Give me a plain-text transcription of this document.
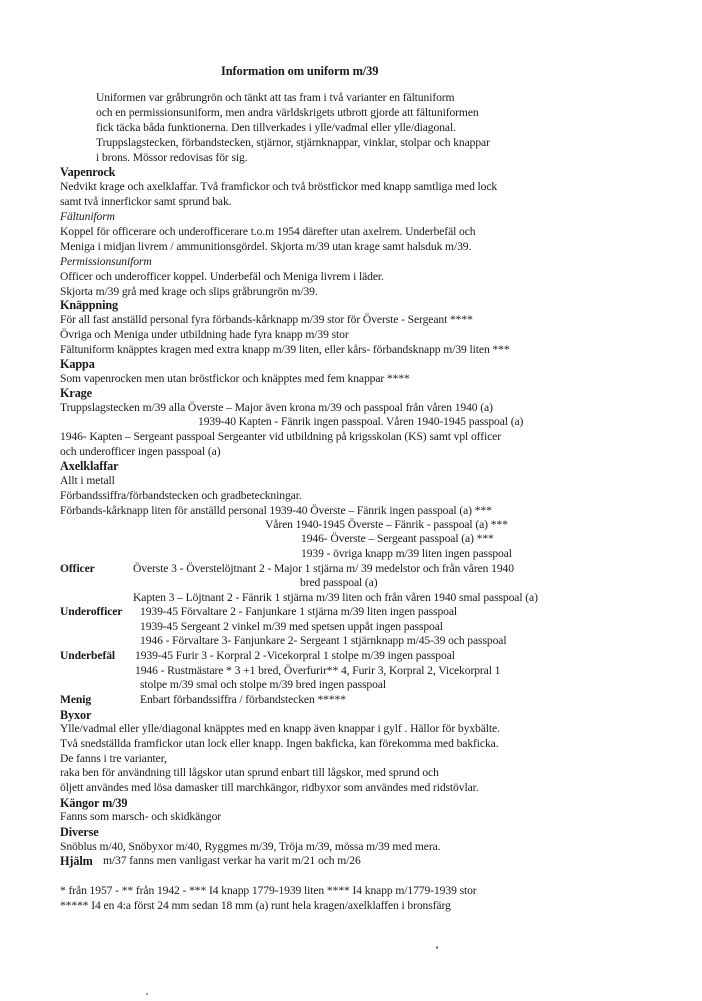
Information om uniform m/39
Uniformen var gråbrungrön och tänkt att tas fram i två varianter en fältuniform
och en permissionsuniform, men andra världskrigets utbrott gjorde att fältuniformen
fick täcka båda funktionerna. Den tillverkades i ylle/vadmal eller ylle/diagonal.
Truppslagstecken, förbandstecken, stjärnor, stjärnknappar, vinklar, stolpar och knappar
i brons. Mössor redovisas för sig.
Vapenrock
Nedvikt krage och axelklaffar. Två framfickor och två bröstfickor med knapp samtliga med lock
samt två innerfickor samt sprund bak.
Fältuniform
Koppel för officerare och underofficerare t.o.m 1954 därefter utan axelrem. Underbefäl och
Meniga i midjan livrem / ammunitionsgördel. Skjorta m/39 utan krage samt halsduk m/39.
Permissionsuniform
Officer och underofficer koppel. Underbefäl och Meniga livrem i läder.
Skjorta m/39 grå med krage och slips gråbrungrön m/39.
Knäppning
För all fast anställd personal fyra förbands-kårknapp m/39 stor för Överste - Sergeant ****
Övriga och Meniga under utbildning hade fyra knapp m/39 stor
Fältuniform knäpptes kragen med extra knapp m/39 liten, eller kårs- förbandsknapp m/39 liten ***
Kappa
Som vapenrocken men utan bröstfickor och knäpptes med fem knappar ****
Krage
Truppslagstecken m/39 alla Överste – Major även krona m/39 och passpoal från våren 1940 (a)
1939-40 Kapten - Fänrik ingen passpoal. Våren 1940-1945 passpoal (a)
1946- Kapten – Sergeant passpoal Sergeanter vid utbildning på krigsskolan (KS) samt vpl officer
och underofficer ingen passpoal (a)
Axelklaffar
Allt i metall
Förbandssiffra/förbandstecken och gradbeteckningar.
Förbands-kårknapp liten för anställd personal 1939-40 Överste – Fänrik ingen passpoal (a) ***
Våren 1940-1945 Överste – Fänrik - passpoal (a) ***
1946- Överste – Sergeant passpoal (a) ***
1939 - övriga knapp m/39 liten ingen passpoal
Officer	Överste 3 - Överstelöjtnant 2 - Major 1 stjärna m/ 39 medelstor och från våren 1940
bred passpoal (a)
Kapten 3 – Löjtnant 2 - Fänrik 1 stjärna m/39 liten och från våren 1940 smal passpoal (a)
Underofficer 1939-45 Förvaltare 2 - Fanjunkare 1 stjärna m/39 liten ingen passpoal
1939-45 Sergeant 2 vinkel m/39 med spetsen uppåt ingen passpoal
1946 - Förvaltare 3- Fanjunkare 2- Sergeant 1 stjärnknapp m/45-39 och passpoal
Underbefäl 1939-45 Furir 3 - Korpral 2 -Vicekorpral 1 stolpe m/39 ingen passpoal
1946 - Rustmästare * 3 +1 bred, Överfurir** 4, Furir 3, Korpral 2, Vicekorpral 1
stolpe m/39 smal och stolpe m/39 bred ingen passpoal
Menig	Enbart förbandssiffra / förbandstecken *****
Byxor
Ylle/vadmal eller ylle/diagonal knäpptes med en knapp även knappar i gylf . Hällor för byxbälte.
Två snedställda framfickor utan lock eller knapp. Ingen bakficka, kan förekomma med bakficka.
De fanns i tre varianter,
raka ben för användning till lågskor utan sprund enbart till lågskor, med sprund och
öljett användes med lösa damasker till marchkängor, ridbyxor som användes med ridstövlar.
Kängor m/39
Fanns som marsch- och skidkängor
Diverse
Snöblus m/40, Snöbyxor m/40, Ryggmes m/39, Tröja m/39, mössa m/39 med mera.
Hjälm m/37 fanns men vanligast verkar ha varit m/21 och m/26
* från 1957 - ** från 1942 - *** I4 knapp 1779-1939 liten **** I4 knapp m/1779-1939 stor
***** I4 en 4:a först 24 mm sedan 18 mm (a) runt hela kragen/axelklaffen i bronsfärg
